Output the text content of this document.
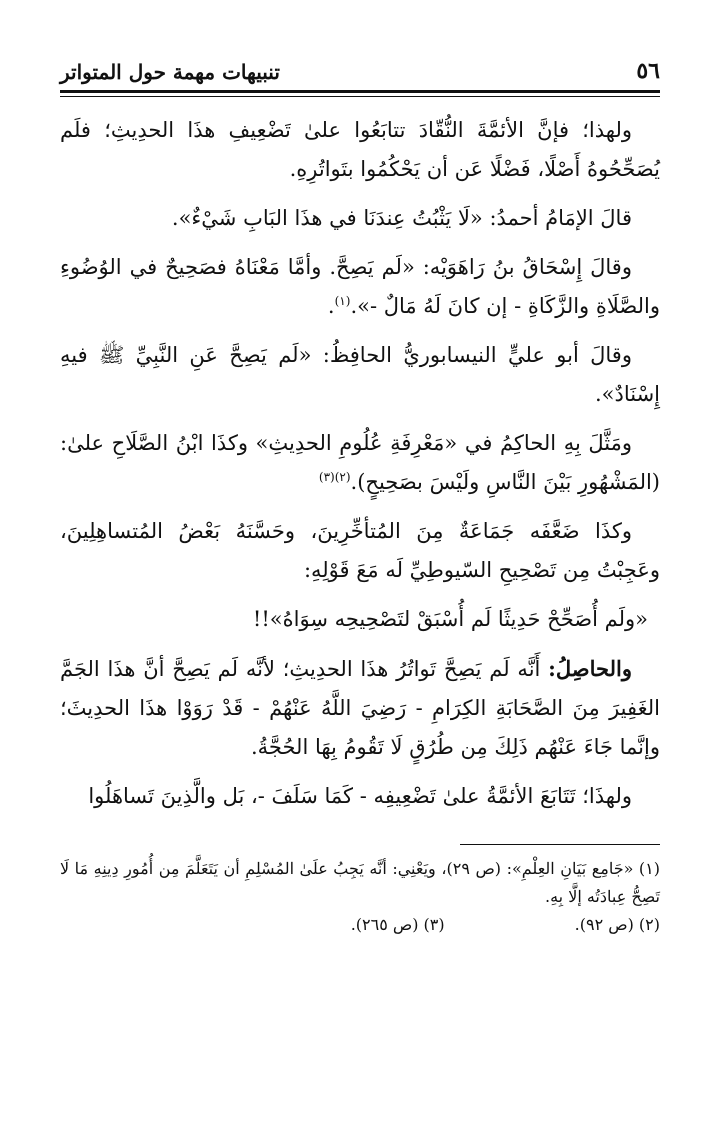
٥٦
تنبيهات مهمة حول المتواتر

ولهذا؛ فإنَّ الأئمَّةَ النُّقّادَ تتابَعُوا علىٰ تَضْعِيفِ هذَا الحدِيثِ؛ فلَم يُصَحِّحُوهُ أَصْلًا، فَضْلًا عَن أن يَحْكُمُوا بتَواتُرِهِ.

قالَ الإمَامُ أحمدُ: «لَا يَثْبُتُ عِندَنَا في هذَا البَابِ شَيْءٌ».

وقالَ إِسْحَاقُ بنُ رَاهَوَيْه: «لَم يَصِحَّ. وأمَّا مَعْنَاهُ فصَحِيحٌ في الوُضُوءِ والصَّلَاةِ والزَّكَاةِ - إن كانَ لَهُ مَالٌ -».$^{(١)}$.

وقالَ أبو عليٍّ النيسابوريُّ الحافِظُ: «لَم يَصِحَّ عَنِ النَّبِيِّ ﷺ فيهِ إِسْنَادٌ».

ومَثَّلَ بِهِ الحاكِمُ في «مَعْرِفَةِ عُلُومِ الحدِيثِ» وكذَا ابْنُ الصَّلَاحِ علىٰ: (المَشْهُورِ بَيْنَ النَّاسِ ولَيْسَ بصَحِيحٍ).$^{(٢)(٣)}$

وكذَا ضَعَّفَه جَمَاعَةٌ مِنَ المُتأخِّرِينَ، وحَسَّنَهُ بَعْضُ المُتساهِلِينَ، وعَجِبْتُ مِن تَصْحِيحِ السّيوطِيِّ لَه مَعَ قَوْلِهِ:

«ولَم أُصَحِّحْ حَدِيثًا لَم أُسْبَقْ لتَصْحِيحِه سِوَاهُ»!!

والحاصِلُ: أَنَّه لَم يَصِحَّ تَواتُرُ هذَا الحدِيثِ؛ لأنَّه لَم يَصِحَّ أنَّ هذَا الجَمَّ الغَفِيرَ مِنَ الصَّحَابَةِ الكِرَامِ - رَضِيَ اللَّهُ عَنْهُمْ - قَدْ رَوَوْا هذَا الحدِيثَ؛ وإنَّما جَاءَ عَنْهُم ذَلِكَ مِن طُرُقٍ لَا تَقُومُ بِهَا الحُجَّةُ.

ولهذَا؛ تَتَابَعَ الأئمَّةُ علىٰ تَضْعِيفِه - كَمَا سَلَفَ -، بَل والَّذِينَ تَساهَلُوا

(١) «جَامِع بَيَانِ العِلْمِ»: (ص ٢٩)، ويَعْنِي: أنَّه يَجِبُ علَىٰ المُسْلِمِ أن يَتَعَلَّمَ مِن أُمُورِ دِينِهِ مَا لَا تَصِحُّ عِبادَتُه إلَّا بِهِ.

(٢) (ص ٩٢).
(٣) (ص ٢٦٥).
